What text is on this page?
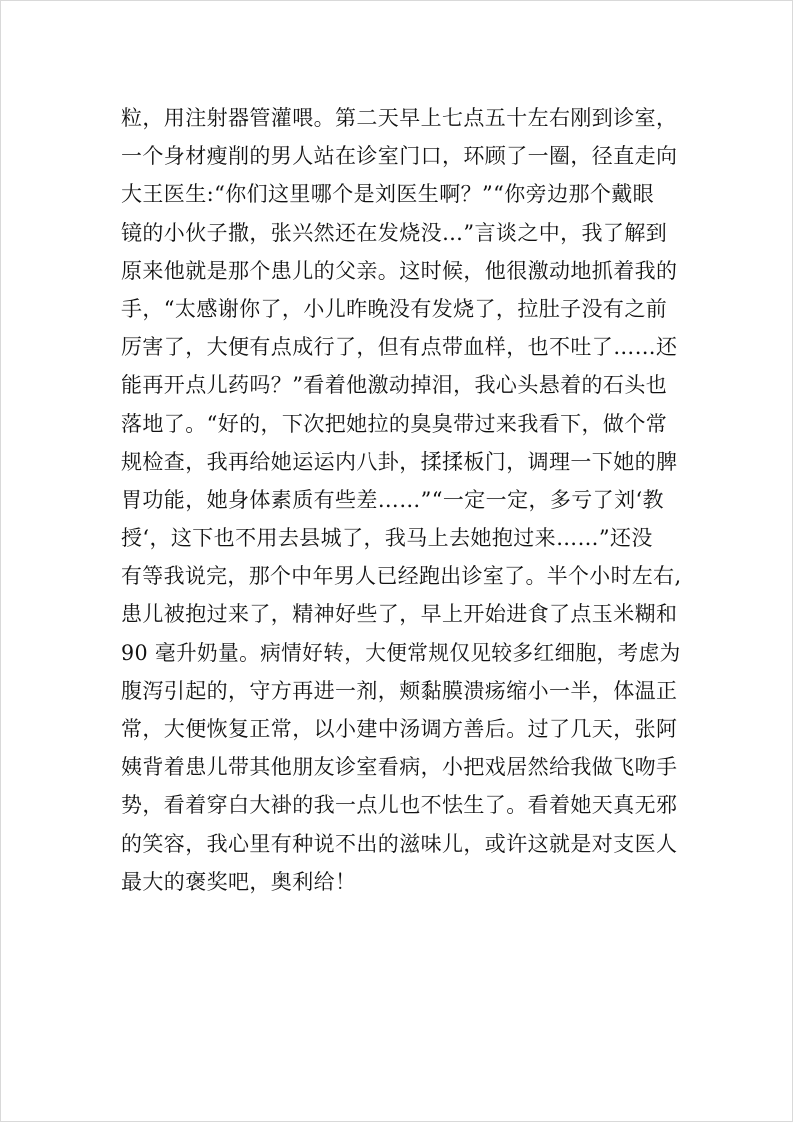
粒，用注射器管灌喂。第二天早上七点五十左右刚到诊室，
一个身材瘦削的男人站在诊室门口，环顾了一圈，径直走向
大王医生:“你们这里哪个是刘医生啊？”“你旁边那个戴眼
镜的小伙子撒，张兴然还在发烧没…”言谈之中，我了解到
原来他就是那个患儿的父亲。这时候，他很激动地抓着我的
手，“太感谢你了，小儿昨晚没有发烧了，拉肚子没有之前
厉害了，大便有点成行了，但有点带血样，也不吐了……还
能再开点儿药吗？”看着他激动掉泪，我心头悬着的石头也
落地了。“好的，下次把她拉的臭臭带过来我看下，做个常
规检查，我再给她运运内八卦，揉揉板门，调理一下她的脾
胃功能，她身体素质有些差……”“一定一定，多亏了刘‘教
授‘，这下也不用去县城了，我马上去她抱过来……”还没
有等我说完，那个中年男人已经跑出诊室了。半个小时左右,
患儿被抱过来了，精神好些了，早上开始进食了点玉米糊和
90 毫升奶量。病情好转，大便常规仅见较多红细胞，考虑为
腹泻引起的，守方再进一剂，颊黏膜溃疡缩小一半，体温正
常，大便恢复正常，以小建中汤调方善后。过了几天，张阿
姨背着患儿带其他朋友诊室看病，小把戏居然给我做飞吻手
势，看着穿白大褂的我一点儿也不怯生了。看着她天真无邪
的笑容，我心里有种说不出的滋味儿，或许这就是对支医人
最大的褒奖吧，奥利给！
